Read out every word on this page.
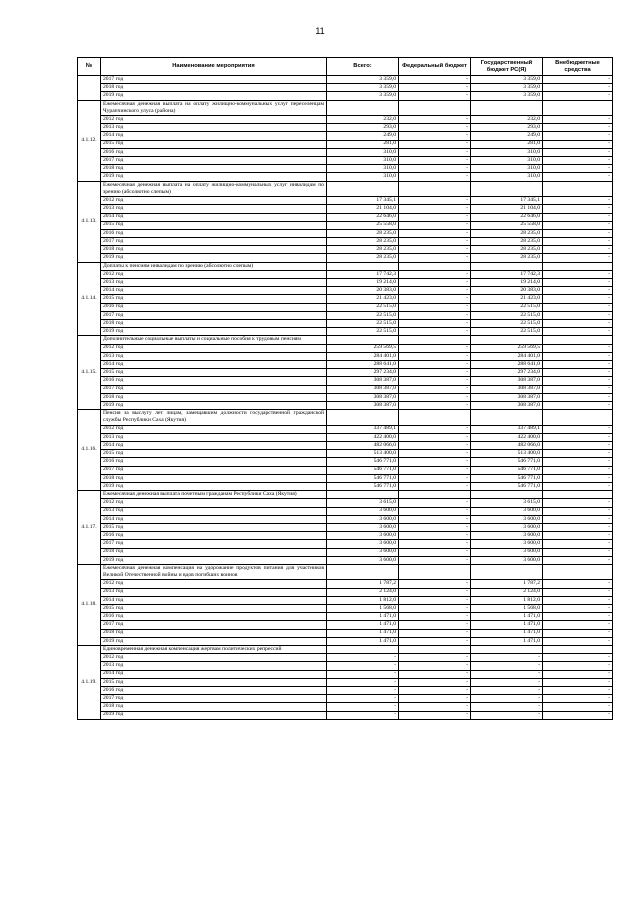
11
№	Наименование мероприятия	Всего:	Федеральный бюджет	Государственный бюджет РС(Я)	Внебюджетные средства
	2017 год	3 359,0	-	3 359,0	-
	2018 год	3 359,0	-	3 359,0	-
	2019 год	3 359,0	-	3 359,0	-
4.1.12.	Ежемесячная денежная выплата на оплату жилищно-коммунальных услуг переселенцам Чурапчинского улуса (района)				
	2012 год	232,0	-	232,0	-
	2013 год	293,0	-	293,0	-
	2014 год	249,0	-	249,0	-
	2015 год	281,0	-	281,0	-
	2016 год	310,0	-	310,0	-
	2017 год	310,0	-	310,0	-
	2018 год	310,0	-	310,0	-
	2019 год	310,0	-	310,0	-
4.1.13.	Ежемесячная денежная выплата на оплату жилищно-коммунальных услуг инвалидам по зрению (абсолютно слепым)				
	2012 год	17 345,1	-	17 345,1	-
	2013 год	21 104,0	-	21 104,0	-
	2014 год	22 646,0	-	22 646,0	-
	2015 год	25 558,0	-	25 558,0	-
	2016 год	28 235,0	-	28 235,0	-
	2017 год	28 235,0	-	28 235,0	-
	2018 год	28 235,0	-	28 235,0	-
	2019 год	28 235,0	-	28 235,0	-
4.1.14.	Доплаты к пенсиям инвалидам по зрению (абсолютно слепым)				
	2012 год	17 742,3	-	17 742,3	-
	2013 год	19 214,0	-	19 214,0	-
	2014 год	20 383,0	-	20 383,0	-
	2015 год	21 423,0	-	21 423,0	-
	2016 год	22 515,0	-	22 515,0	-
	2017 год	22 515,0	-	22 515,0	-
	2018 год	22 515,0	-	22 515,0	-
	2019 год	22 515,0	-	22 515,0	-
4.1.15.	Дополнительные социальные выплаты и социальные пособия к трудовым пенсиям				
	2012 год	259 569,5	-	259 569,5	-
	2013 год	284 401,0	-	284 401,0	-
	2014 год	288 641,0	-	288 641,0	-
	2015 год	297 234,0	-	297 234,0	-
	2016 год	308 387,0	-	308 387,0	-
	2017 год	308 387,0	-	308 387,0	-
	2018 год	308 387,0	-	308 387,0	-
	2019 год	308 387,0	-	308 387,0	-
4.1.16.	Пенсия за выслугу лет лицам, замещавшим должности государственной гражданской службы Республики Саха (Якутия)				
	2012 год	337 489,1	-	337 489,1	-
	2013 год	422 400,0	-	422 400,0	-
	2014 год	482 066,0	-	482 066,0	-
	2015 год	513 400,0	-	513 400,0	-
	2016 год	546 771,0	-	546 771,0	-
	2017 год	546 771,0	-	546 771,0	-
	2018 год	546 771,0	-	546 771,0	-
	2019 год	546 771,0	-	546 771,0	-
4.1.17.	Ежемесячная денежная выплата почетным гражданам Республики Саха (Якутия)				
	2012 год	3 615,0	-	3 615,0	-
	2013 год	3 600,0	-	3 600,0	-
	2014 год	3 600,0	-	3 600,0	-
	2015 год	3 600,0	-	3 600,0	-
	2016 год	3 600,0	-	3 600,0	-
	2017 год	3 600,0	-	3 600,0	-
	2018 год	3 600,0	-	3 600,0	-
	2019 год	3 600,0	-	3 600,0	-
4.1.18.	Ежемесячная денежная компенсация на удорожание продуктов питания для участников Великой Отечественной войны и вдов погибших воинов				
	2012 год	1 787,2	-	1 787,2	-
	2013 год	2 124,0	-	2 124,0	-
	2014 год	1 812,0	-	1 812,0	-
	2015 год	1 568,0	-	1 568,0	-
	2016 год	1 471,0	-	1 471,0	-
	2017 год	1 471,0	-	1 471,0	-
	2018 год	1 471,0	-	1 471,0	-
	2019 год	1 471,0	-	1 471,0	-
4.1.19.	Единовременная денежная компенсация жертвам политических репрессий				
	2012 год	-	-	-	-
	2013 год	-	-	-	-
	2014 год	-	-	-	-
	2015 год	-	-	-	-
	2016 год	-	-	-	-
	2017 год	-	-	-	-
	2018 год	-	-	-	-
	2019 год	-	-	-	-
